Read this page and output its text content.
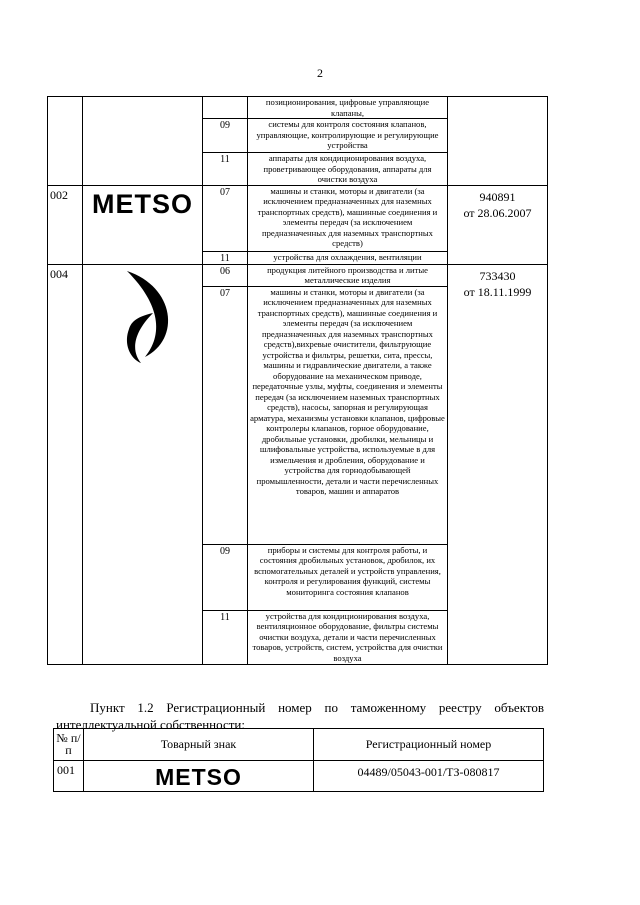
2
			позиционирования, цифровые управляющие клапаны,	
		09	системы для контроля состояния клапанов, управляющие, контролирующие и регулирующие устройства	
		11	аппараты для кондиционирования воздуха, проветривающее оборудования, аппараты для очистки воздуха	
002	METSO	07	машины и станки, моторы и двигатели (за исключением предназначенных для наземных транспортных средств), машинные соединения и элементы передач (за исключением предназначенных для наземных транспортных средств)	940891
от 28.06.2007

		11	устройства для охлаждения, вентиляции	
004		06	продукция литейного производства и литые металлические изделия	733430
от 18.11.1999

		07	машины и станки, моторы и двигатели (за исключением предназначенных для наземных транспортных средств), машинные соединения и элементы передач (за исключением предназначенных для наземных транспортных средств),вихревые очистители, фильтрующие устройства и фильтры, решетки, сита, прессы, машины и гидравлические двигатели, а также оборудование на механическом приводе, передаточные узлы, муфты, соединения и элементы передач (за исключением наземных транспортных средств), насосы, запорная и регулирующая арматура, механизмы установки клапанов, цифровые контролеры клапанов, горное оборудование, дробильные установки, дробилки, мельницы и шлифовальные устройства, используемые в для измельчения и дробления, оборудование и устройства для горнодобывающей промышленности, детали и части перечисленных товаров, машин и аппаратов	
		09	приборы и системы для контроля работы, и состояния дробильных установок, дробилок, их вспомогательных деталей и устройств управления, контроля и регулирования функций, системы мониторинга состояния клапанов	
		11	устройства для кондиционирования воздуха, вентиляционное оборудование, фильтры системы очистки воздуха, детали и части перечисленных товаров, устройств, систем, устройства для очистки воздуха	

Пункт 1.2 Регистрационный номер по таможенному реестру объектов интеллектуальной собственности:

№ п/п	Товарный знак	Регистрационный номер
001	METSO	04489/05043-001/ТЗ-080817
